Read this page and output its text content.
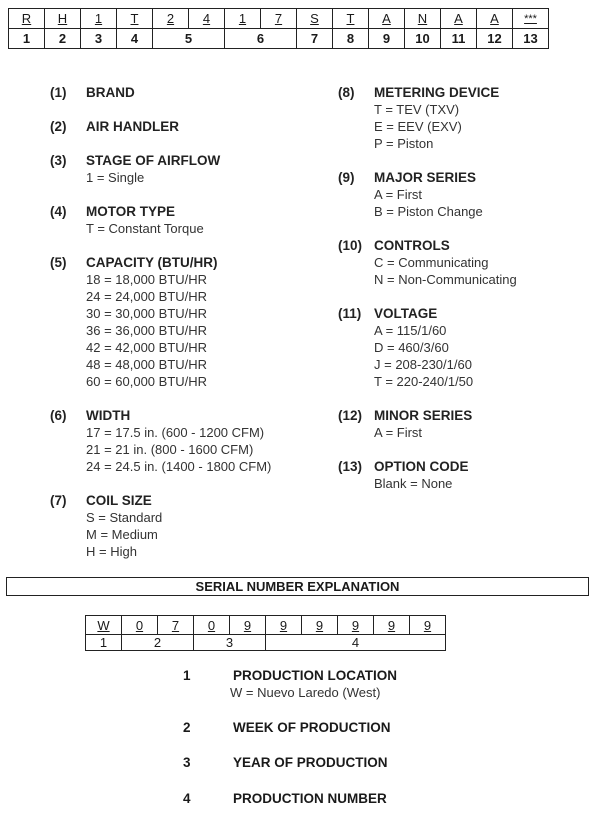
R	H	1	T	2	4	1	7	S	T	A	N	A	A	***
1	2	3	4	5		6		7	8	9	10	11	12	13
(1)	BRAND
(2)	AIR HANDLER
(3)	STAGE OF AIRFLOW
1 = Single
(4)	MOTOR TYPE
T = Constant Torque
(5)	CAPACITY (BTU/HR)
18 = 18,000 BTU/HR
24 = 24,000 BTU/HR
30 = 30,000 BTU/HR
36 = 36,000 BTU/HR
42 = 42,000 BTU/HR
48 = 48,000 BTU/HR
60 = 60,000 BTU/HR
(6)	WIDTH
17 = 17.5 in. (600 - 1200 CFM)
21 = 21 in. (800 - 1600 CFM)
24 = 24.5 in. (1400 - 1800 CFM)
(7)	COIL SIZE
S = Standard
M = Medium
H = High
(8)	METERING DEVICE
T = TEV (TXV)
E = EEV (EXV)
P = Piston
(9)	MAJOR SERIES
A = First
B = Piston Change
(10) CONTROLS
C = Communicating
N = Non-Communicating
(11) VOLTAGE
A = 115/1/60
D = 460/3/60
J = 208-230/1/60
T = 220-240/1/50
(12) MINOR SERIES
A = First
(13) OPTION CODE
Blank = None
SERIAL NUMBER EXPLANATION
W	0	7	0	9	9	9	9	9	9
1	2		3		4				
1	PRODUCTION LOCATION
W = Nuevo Laredo (West)
2	WEEK OF PRODUCTION
3	YEAR OF PRODUCTION
4	PRODUCTION NUMBER
